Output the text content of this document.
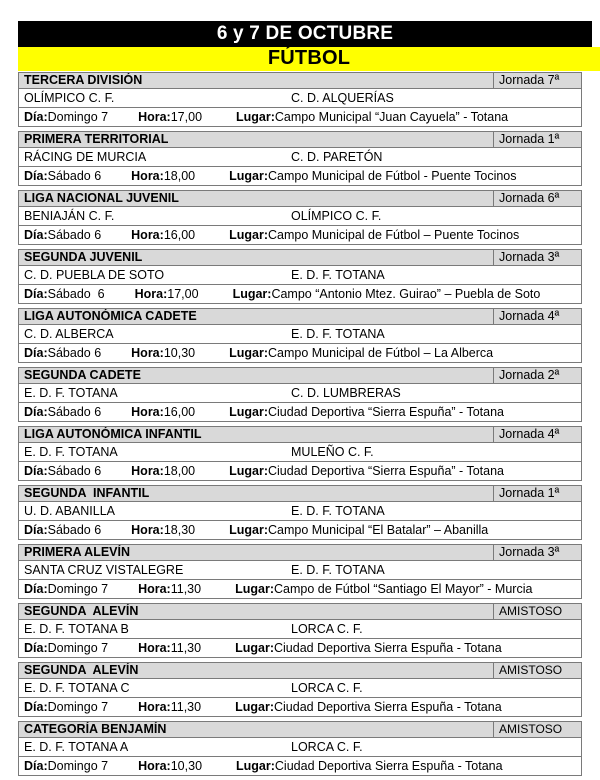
6 y 7 DE OCTUBRE
FÚTBOL
TERCERA DIVISIÓN	Jornada 7ª
OLÍMPICO C. F.	C. D. ALQUERÍAS
Día: Domingo 7 Hora: 17,00	Lugar: Campo Municipal “Juan Cayuela” - Totana
PRIMERA TERRITORIAL	Jornada 1ª
RÁCING DE MURCIA	C. D. PARETÓN
Día: Sábado 6 Hora: 18,00	Lugar: Campo Municipal de Fútbol - Puente Tocinos
LIGA NACIONAL JUVENIL	Jornada 6ª
BENIAJÁN C. F.	OLÍMPICO C. F.
Día: Sábado 6 Hora: 16,00	Lugar: Campo Municipal de Fútbol – Puente Tocinos
SEGUNDA JUVENIL	Jornada 3ª
C. D. PUEBLA DE SOTO	E. D. F. TOTANA
Día: Sábado  6 Hora: 17,00	Lugar: Campo “Antonio Mtez. Guirao” – Puebla de Soto
LIGA AUTONÓMICA CADETE	Jornada 4ª
C. D. ALBERCA	E. D. F. TOTANA
Día: Sábado 6 Hora: 10,30	Lugar: Campo Municipal de Fútbol – La Alberca
SEGUNDA CADETE	Jornada 2ª
E. D. F. TOTANA	C. D. LUMBRERAS
Día: Sábado 6 Hora: 16,00	Lugar: Ciudad Deportiva “Sierra Espuña” - Totana
LIGA AUTONÓMICA INFANTIL	Jornada 4ª
E. D. F. TOTANA	MULEÑO C. F.
Día: Sábado 6 Hora: 18,00	Lugar: Ciudad Deportiva “Sierra Espuña” - Totana
SEGUNDA  INFANTIL	Jornada 1ª
U. D. ABANILLA	E. D. F. TOTANA
Día: Sábado 6 Hora: 18,30	Lugar: Campo Municipal “El Batalar” – Abanilla
PRIMERA ALEVÍN	Jornada 3ª
SANTA CRUZ VISTALEGRE	E. D. F. TOTANA
Día: Domingo 7 Hora: 11,30	Lugar: Campo de Fútbol “Santiago El Mayor” - Murcia
SEGUNDA  ALEVÍN	AMISTOSO
E. D. F. TOTANA B	LORCA C. F.
Día: Domingo 7 Hora: 11,30	Lugar: Ciudad Deportiva Sierra Espuña - Totana
SEGUNDA  ALEVÍN	AMISTOSO
E. D. F. TOTANA C	LORCA C. F.
Día: Domingo 7 Hora: 11,30	Lugar: Ciudad Deportiva Sierra Espuña - Totana
CATEGORÍA BENJAMÍN	AMISTOSO
E. D. F. TOTANA A	LORCA C. F.
Día: Domingo 7 Hora: 10,30	Lugar: Ciudad Deportiva Sierra Espuña - Totana
